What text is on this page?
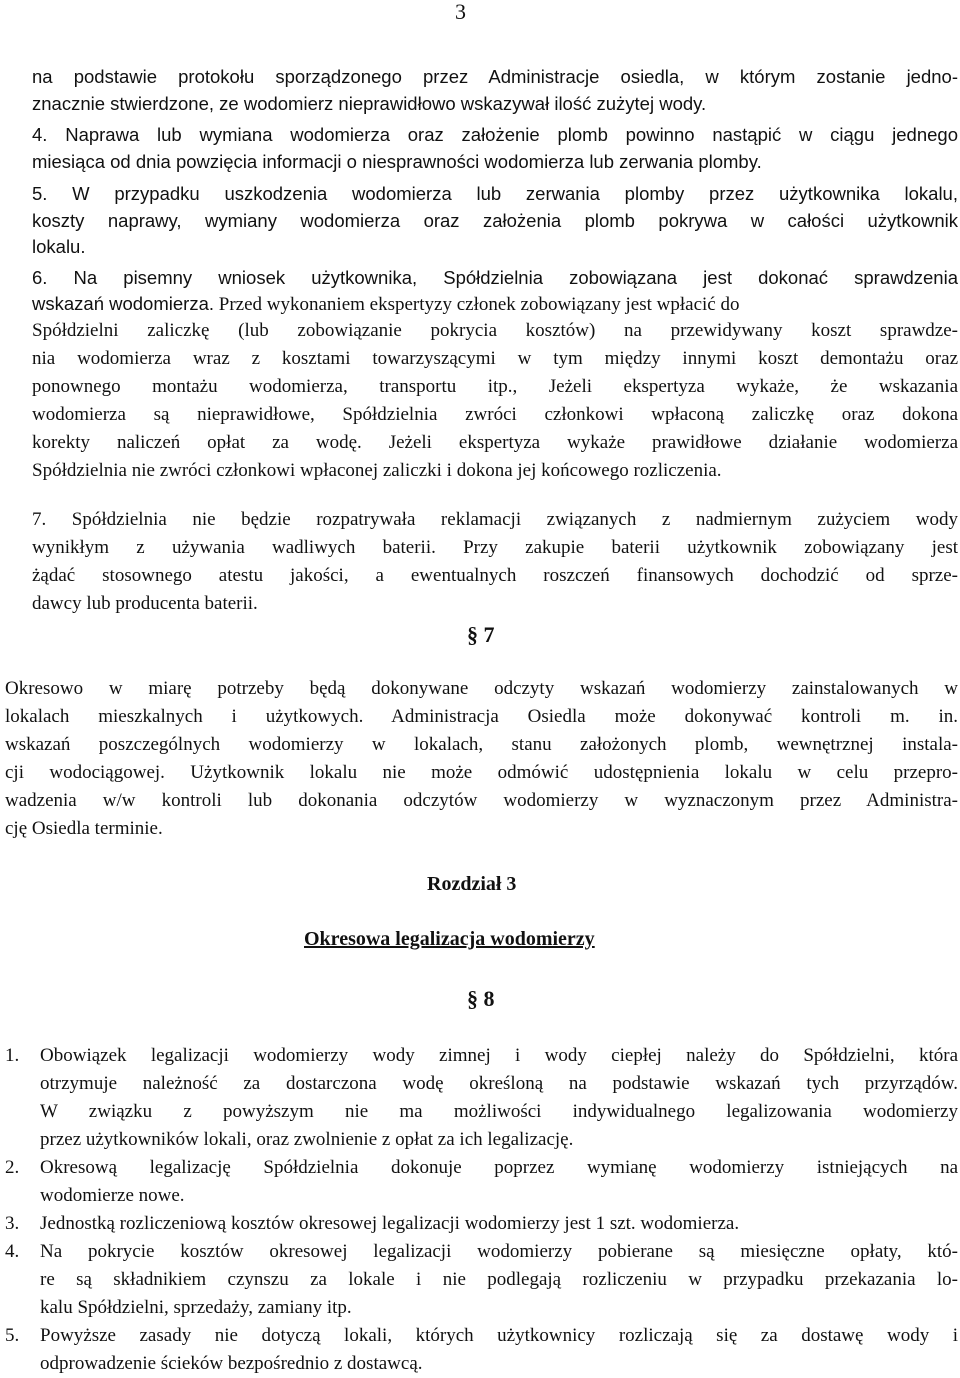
3
na podstawie protokołu sporządzonego przez Administracje osiedla, w którym zostanie jedno-
znacznie stwierdzone, ze wodomierz nieprawidłowo wskazywał ilość zużytej wody.
4. Naprawa lub wymiana wodomierza oraz założenie plomb powinno nastąpić w ciągu jednego
miesiąca od dnia powzięcia informacji o niesprawności wodomierza lub zerwania plomby.
5. W przypadku uszkodzenia wodomierza lub zerwania plomby przez użytkownika lokalu,
koszty naprawy, wymiany wodomierza oraz założenia plomb pokrywa w całości użytkownik
lokalu.
6. Na pisemny wniosek użytkownika, Spółdzielnia zobowiązana jest dokonać sprawdzenia
wskazań wodomierza. Przed wykonaniem ekspertyzy członek zobowiązany jest wpłacić do
Spółdzielni zaliczkę (lub zobowiązanie pokrycia kosztów) na przewidywany koszt sprawdze-
nia wodomierza wraz z kosztami towarzyszącymi w tym między innymi koszt demontażu oraz
ponownego montażu wodomierza, transportu itp., Jeżeli ekspertyza wykaże, że wskazania
wodomierza są nieprawidłowe, Spółdzielnia zwróci członkowi wpłaconą zaliczkę oraz dokona
korekty naliczeń opłat za wodę. Jeżeli ekspertyza wykaże prawidłowe działanie wodomierza
Spółdzielnia nie zwróci członkowi wpłaconej zaliczki i dokona jej końcowego rozliczenia.
7. Spółdzielnia nie będzie rozpatrywała reklamacji związanych z nadmiernym zużyciem wody
wynikłym z używania wadliwych baterii. Przy zakupie baterii użytkownik zobowiązany jest
żądać stosownego atestu jakości, a ewentualnych roszczeń finansowych dochodzić od sprze-
dawcy lub producenta baterii.
§ 7
Okresowo w miarę potrzeby będą dokonywane odczyty wskazań wodomierzy zainstalowanych w
lokalach mieszkalnych i użytkowych. Administracja Osiedla może dokonywać kontroli m. in.
wskazań poszczególnych wodomierzy w lokalach, stanu założonych plomb, wewnętrznej instala-
cji wodociągowej. Użytkownik lokalu nie może odmówić udostępnienia lokalu w celu przepro-
wadzenia w/w kontroli lub dokonania odczytów wodomierzy w wyznaczonym przez Administra-
cję Osiedla terminie.
Rozdział 3
Okresowa legalizacja wodomierzy
§ 8
1. Obowiązek legalizacji wodomierzy wody zimnej i wody ciepłej należy do Spółdzielni, która
otrzymuje należność za dostarczona wodę określoną na podstawie wskazań tych przyrządów.
W związku z powyższym nie ma możliwości indywidualnego legalizowania wodomierzy
przez użytkowników lokali, oraz zwolnienie z opłat za ich legalizację.
2. Okresową legalizację Spółdzielnia dokonuje poprzez wymianę wodomierzy istniejących na
wodomierze nowe.
3. Jednostką rozliczeniową kosztów okresowej legalizacji wodomierzy jest 1 szt. wodomierza.
4. Na pokrycie kosztów okresowej legalizacji wodomierzy pobierane są miesięczne opłaty, któ-
re są składnikiem czynszu za lokale i nie podlegają rozliczeniu w przypadku przekazania lo-
kalu Spółdzielni, sprzedaży, zamiany itp.
5. Powyższe zasady nie dotyczą lokali, których użytkownicy rozliczają się za dostawę wody i
odprowadzenie ścieków bezpośrednio z dostawcą.
